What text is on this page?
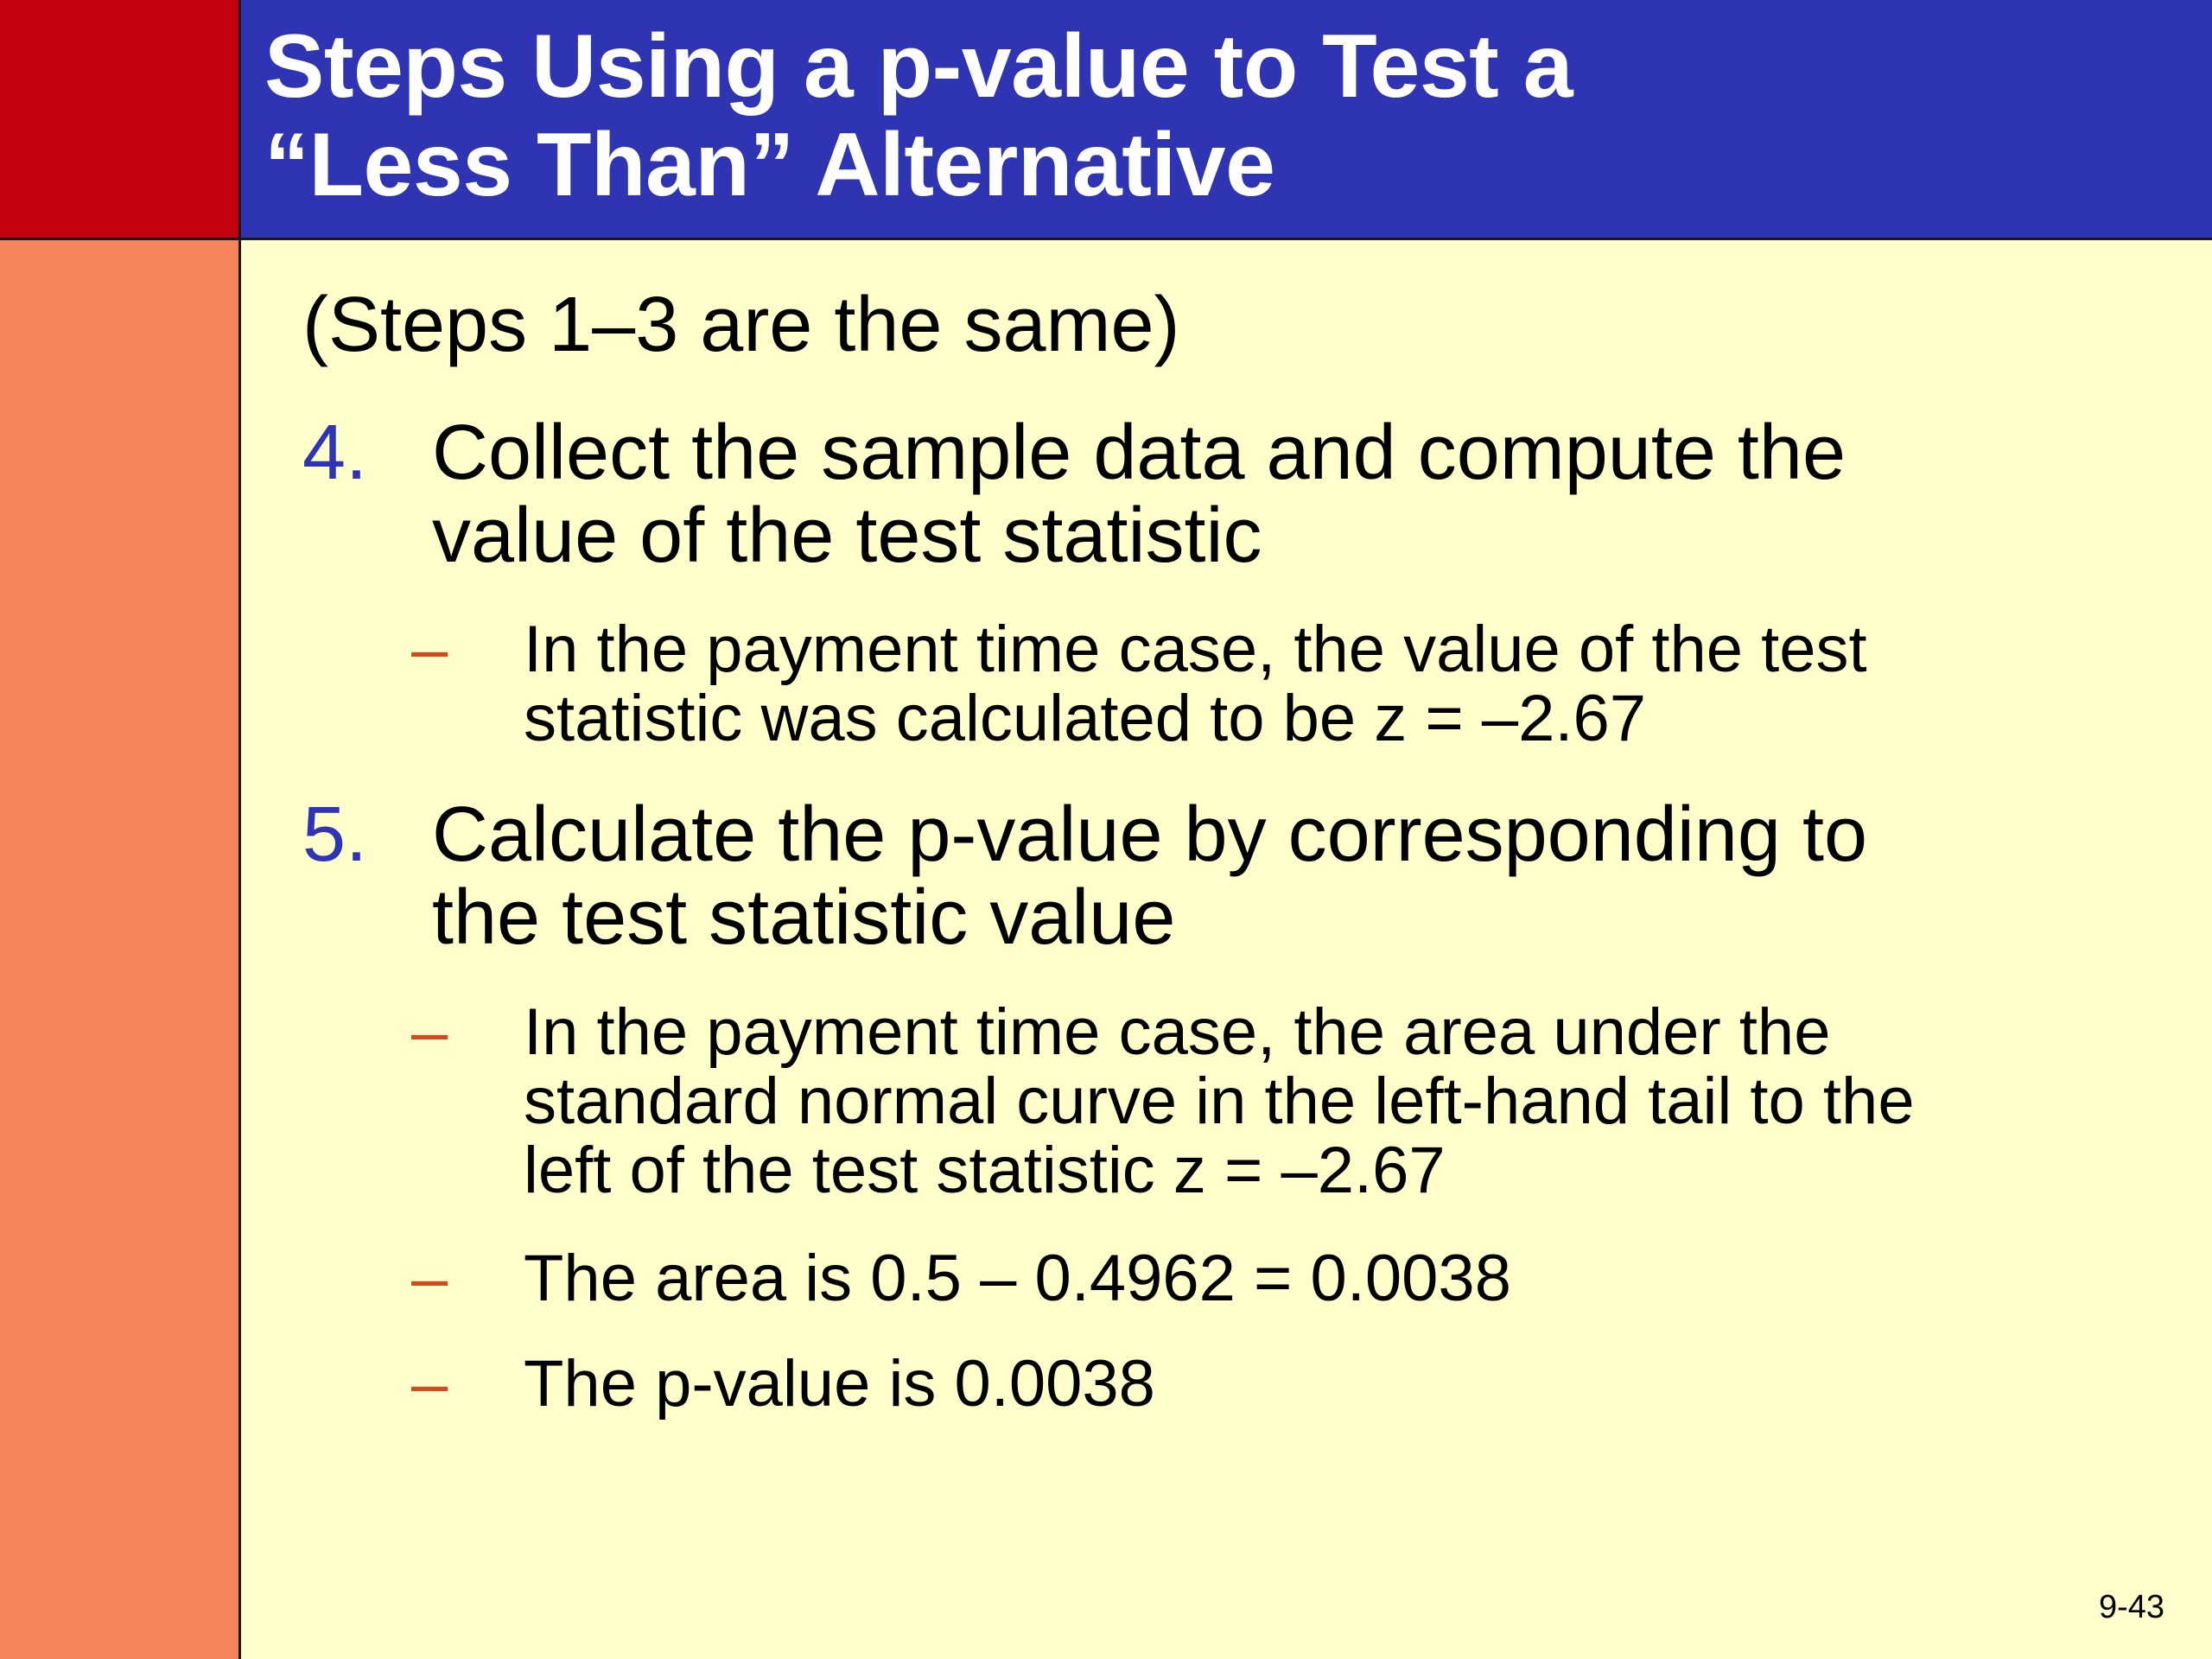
Steps Using a p-value to Test a
“Less Than” Alternative
(Steps 1–3 are the same)
4. Collect the sample data and compute the
value of the test statistic
– In the payment time case, the value of the test
statistic was calculated to be z = –2.67
5. Calculate the p-value by corresponding to
the test statistic value
– In the payment time case, the area under the
standard normal curve in the left-hand tail to the
left of the test statistic z = –2.67
– The area is 0.5 – 0.4962 = 0.0038
– The p-value is 0.0038
9-43
